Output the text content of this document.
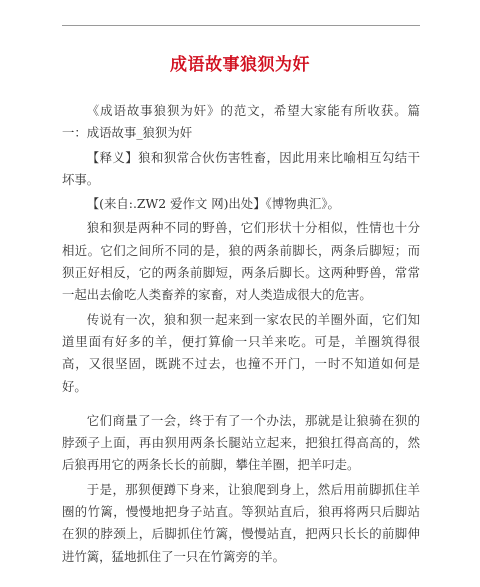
成语故事狼狈为奸

《成语故事狼狈为奸》的范文，希望大家能有所收获。篇一：成语故事_狼狈为奸

【释义】狼和狈常合伙伤害牲畜，因此用来比喻相互勾结干坏事。

【(来自:.ZW2 爱作文 网)出处】《博物典汇》。

狼和狈是两种不同的野兽，它们形状十分相似，性情也十分相近。它们之间所不同的是，狼的两条前脚长，两条后脚短；而狈正好相反，它的两条前脚短，两条后脚长。这两种野兽，常常一起出去偷吃人类畜养的家畜，对人类造成很大的危害。

传说有一次，狼和狈一起来到一家农民的羊圈外面，它们知道里面有好多的羊，便打算偷一只羊来吃。可是，羊圈筑得很高，又很坚固，既跳不过去，也撞不开门，一时不知道如何是好。

它们商量了一会，终于有了一个办法，那就是让狼骑在狈的脖颈子上面，再由狈用两条长腿站立起来，把狼扛得高高的，然后狼再用它的两条长长的前脚，攀住羊圈，把羊叼走。

于是，那狈便蹲下身来，让狼爬到身上，然后用前脚抓住羊圈的竹篱，慢慢地把身子站直。等狈站直后，狼再将两只后脚站在狈的脖颈上，后脚抓住竹篱，慢慢站直，把两只长长的前脚伸进竹篱，猛地抓住了一只在竹篱旁的羊。
